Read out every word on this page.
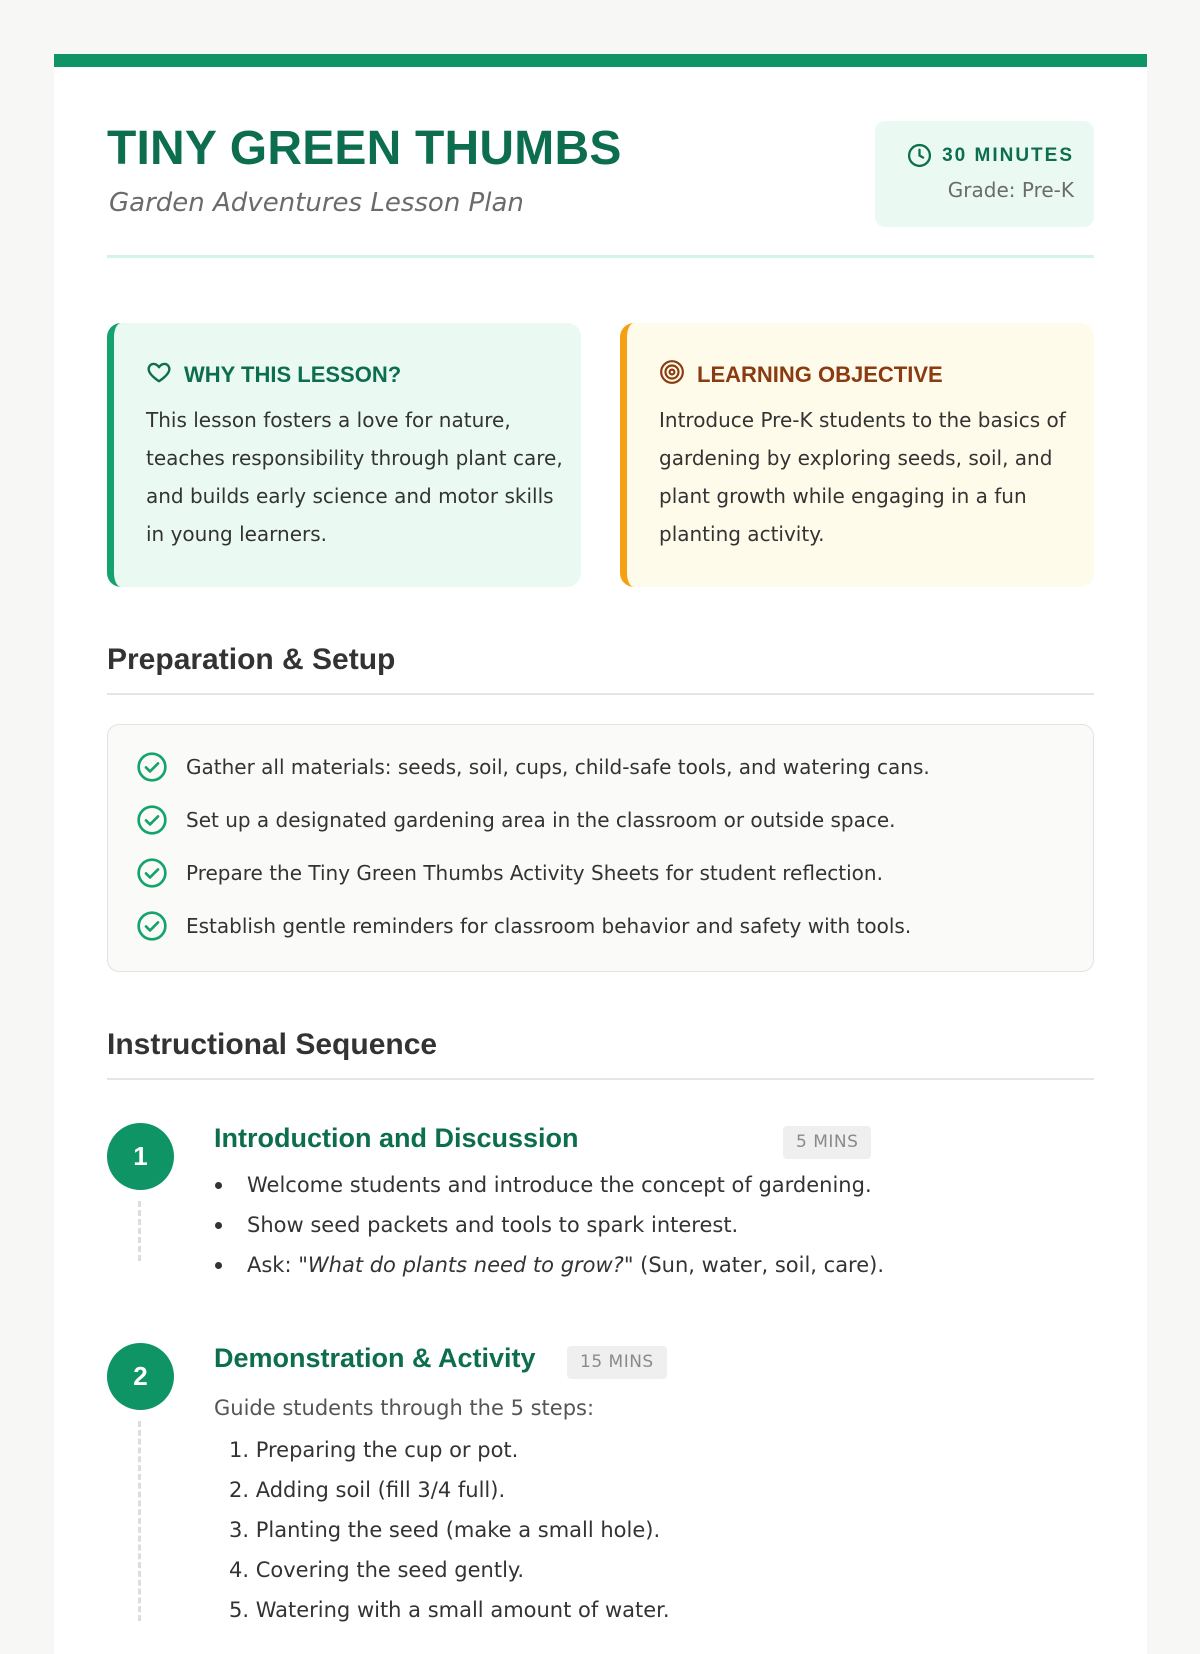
TINY GREEN THUMBS
Garden Adventures Lesson Plan
30 MINUTES
Grade: Pre-K
WHY THIS LESSON?
This lesson fosters a love for nature, teaches responsibility through plant care, and builds early science and motor skills in young learners.
LEARNING OBJECTIVE
Introduce Pre-K students to the basics of gardening by exploring seeds, soil, and plant growth while engaging in a fun planting activity.
Preparation & Setup
Gather all materials: seeds, soil, cups, child-safe tools, and watering cans.
Set up a designated gardening area in the classroom or outside space.
Prepare the Tiny Green Thumbs Activity Sheets for student reflection.
Establish gentle reminders for classroom behavior and safety with tools.
Instructional Sequence
1
Introduction and Discussion	5 MINS
Welcome students and introduce the concept of gardening.
Show seed packets and tools to spark interest.
Ask: "What do plants need to grow?" (Sun, water, soil, care).
2
Demonstration & Activity	15 MINS
Guide students through the 5 steps:
1. Preparing the cup or pot.
2. Adding soil (fill 3/4 full).
3. Planting the seed (make a small hole).
4. Covering the seed gently.
5. Watering with a small amount of water.
